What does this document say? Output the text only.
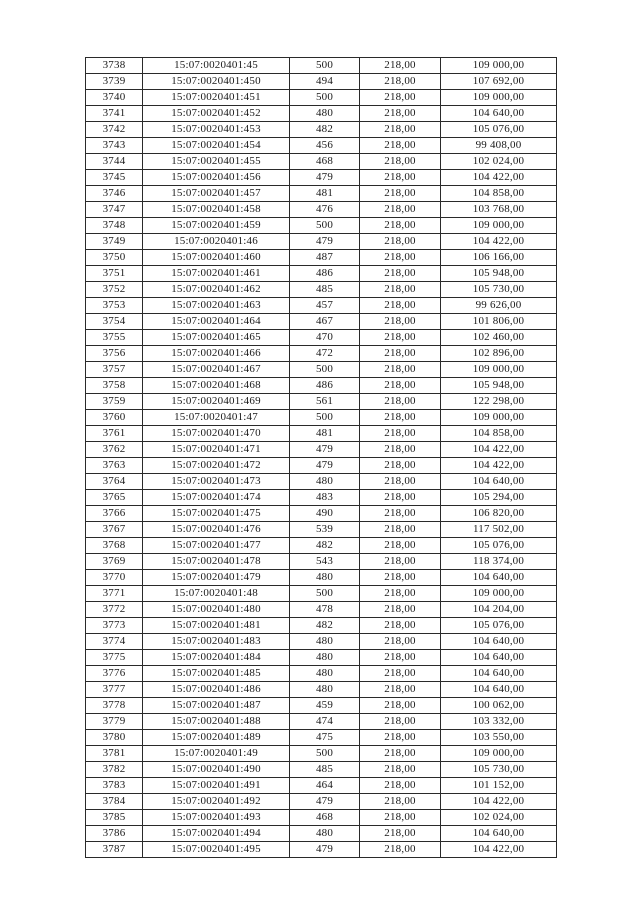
3738	15:07:0020401:45	500	218,00	109 000,00
3739	15:07:0020401:450	494	218,00	107 692,00
3740	15:07:0020401:451	500	218,00	109 000,00
3741	15:07:0020401:452	480	218,00	104 640,00
3742	15:07:0020401:453	482	218,00	105 076,00
3743	15:07:0020401:454	456	218,00	99 408,00
3744	15:07:0020401:455	468	218,00	102 024,00
3745	15:07:0020401:456	479	218,00	104 422,00
3746	15:07:0020401:457	481	218,00	104 858,00
3747	15:07:0020401:458	476	218,00	103 768,00
3748	15:07:0020401:459	500	218,00	109 000,00
3749	15:07:0020401:46	479	218,00	104 422,00
3750	15:07:0020401:460	487	218,00	106 166,00
3751	15:07:0020401:461	486	218,00	105 948,00
3752	15:07:0020401:462	485	218,00	105 730,00
3753	15:07:0020401:463	457	218,00	99 626,00
3754	15:07:0020401:464	467	218,00	101 806,00
3755	15:07:0020401:465	470	218,00	102 460,00
3756	15:07:0020401:466	472	218,00	102 896,00
3757	15:07:0020401:467	500	218,00	109 000,00
3758	15:07:0020401:468	486	218,00	105 948,00
3759	15:07:0020401:469	561	218,00	122 298,00
3760	15:07:0020401:47	500	218,00	109 000,00
3761	15:07:0020401:470	481	218,00	104 858,00
3762	15:07:0020401:471	479	218,00	104 422,00
3763	15:07:0020401:472	479	218,00	104 422,00
3764	15:07:0020401:473	480	218,00	104 640,00
3765	15:07:0020401:474	483	218,00	105 294,00
3766	15:07:0020401:475	490	218,00	106 820,00
3767	15:07:0020401:476	539	218,00	117 502,00
3768	15:07:0020401:477	482	218,00	105 076,00
3769	15:07:0020401:478	543	218,00	118 374,00
3770	15:07:0020401:479	480	218,00	104 640,00
3771	15:07:0020401:48	500	218,00	109 000,00
3772	15:07:0020401:480	478	218,00	104 204,00
3773	15:07:0020401:481	482	218,00	105 076,00
3774	15:07:0020401:483	480	218,00	104 640,00
3775	15:07:0020401:484	480	218,00	104 640,00
3776	15:07:0020401:485	480	218,00	104 640,00
3777	15:07:0020401:486	480	218,00	104 640,00
3778	15:07:0020401:487	459	218,00	100 062,00
3779	15:07:0020401:488	474	218,00	103 332,00
3780	15:07:0020401:489	475	218,00	103 550,00
3781	15:07:0020401:49	500	218,00	109 000,00
3782	15:07:0020401:490	485	218,00	105 730,00
3783	15:07:0020401:491	464	218,00	101 152,00
3784	15:07:0020401:492	479	218,00	104 422,00
3785	15:07:0020401:493	468	218,00	102 024,00
3786	15:07:0020401:494	480	218,00	104 640,00
3787	15:07:0020401:495	479	218,00	104 422,00
